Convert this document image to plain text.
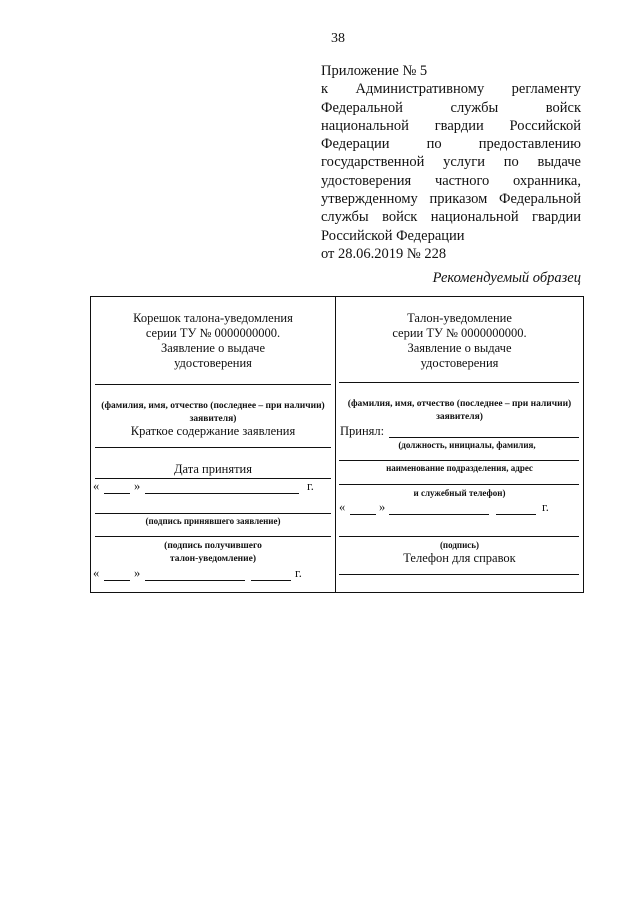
38
Приложение № 5
к Административному регламенту
Федеральной службы войск
национальной гвардии Российской
Федерации по предоставлению
государственной услуги по выдаче
удостоверения частного охранника,
утвержденному приказом Федеральной
службы войск национальной гвардии
Российской Федерации
от 28.06.2019 № 228
Рекомендуемый образец
Корешок талона-уведомления
серии ТУ № 0000000000.
Заявление о выдаче
удостоверения
(фамилия, имя, отчество (последнее – при наличии)
заявителя)
Краткое содержание заявления
Дата принятия
«	»	г.
(подпись принявшего заявление)
(подпись получившего
талон-уведомление)
«	»	г.
Талон-уведомление
серии ТУ № 0000000000.
Заявление о выдаче
удостоверения
(фамилия, имя, отчество (последнее – при наличии)
заявителя)
Принял:
(должность, инициалы, фамилия,
наименование подразделения, адрес
и служебный телефон)
«	»	г.
(подпись)
Телефон для справок
